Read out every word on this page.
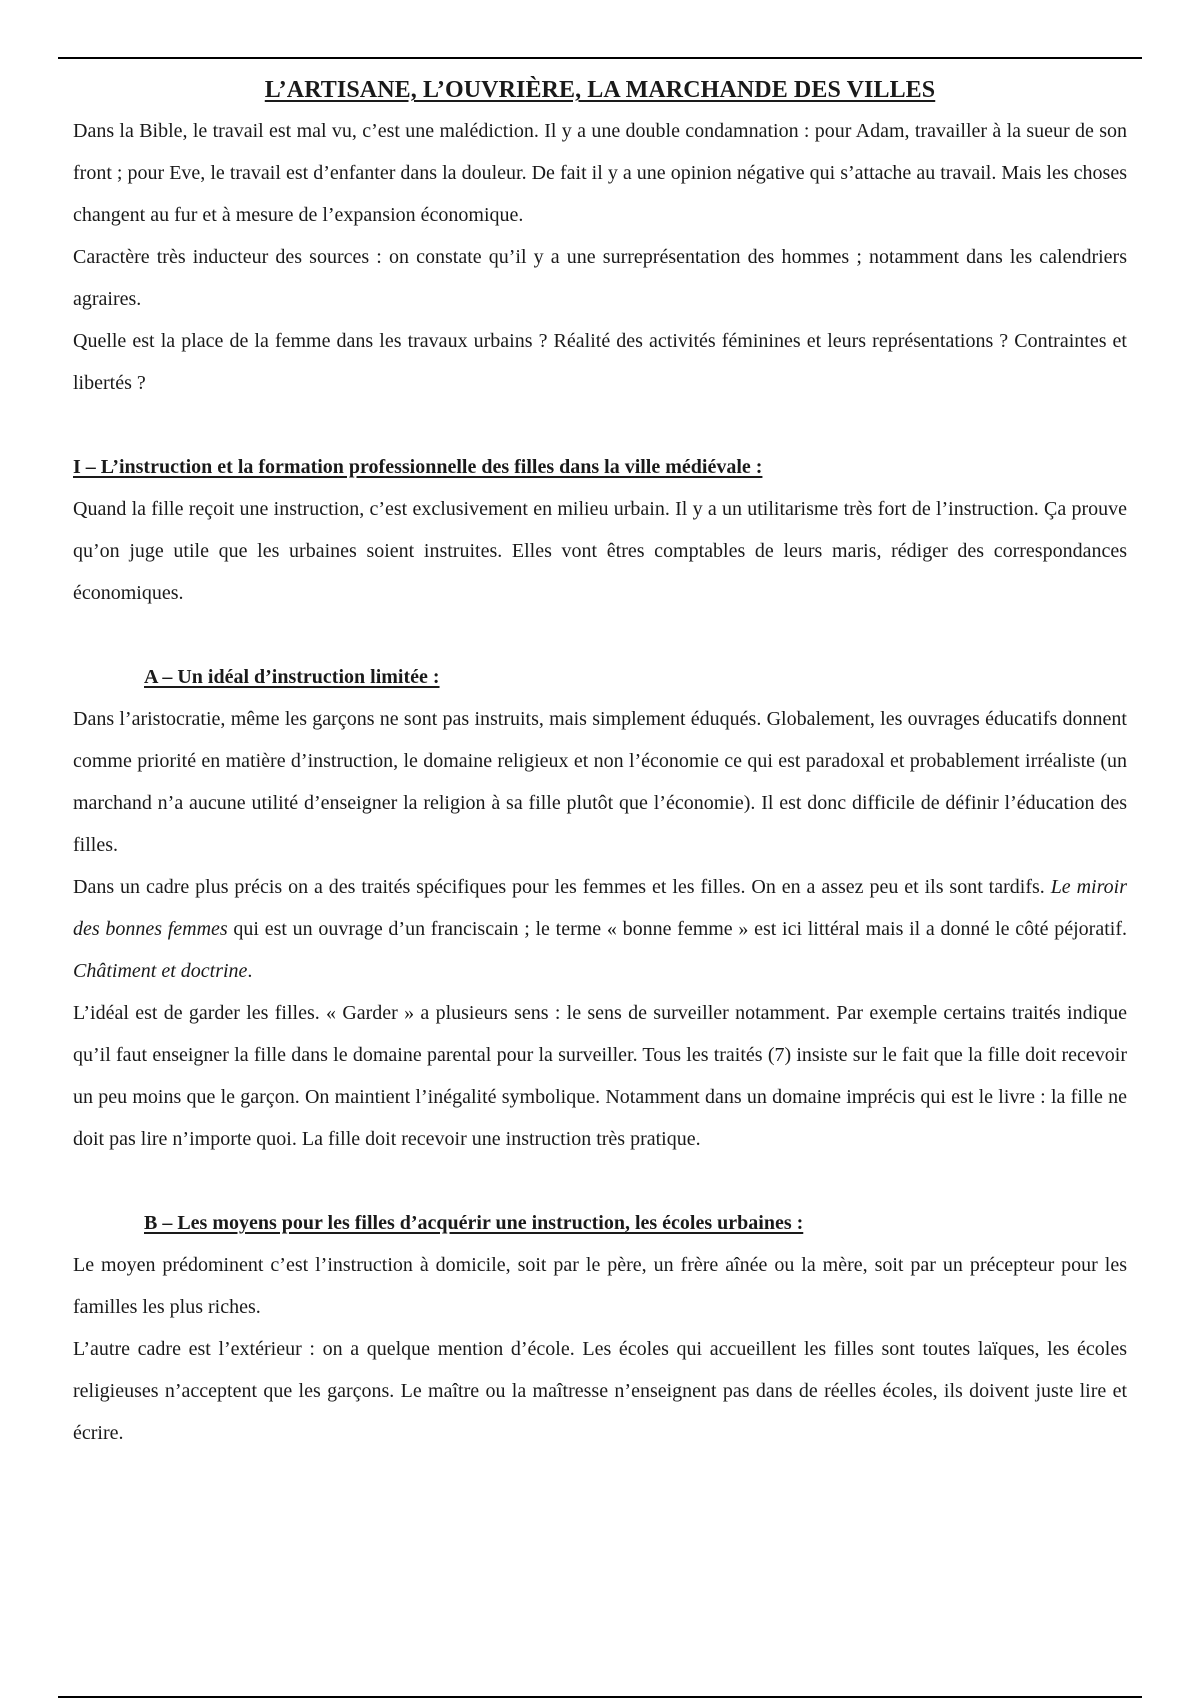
L’ARTISANE, L’OUVRIÈRE, LA MARCHANDE DES VILLES

Dans la Bible, le travail est mal vu, c’est une malédiction. Il y a une double condamnation : pour Adam, travailler à la sueur de son front ; pour Eve, le travail est d’enfanter dans la douleur. De fait il y a une opinion négative qui s’attache au travail. Mais les choses changent au fur et à mesure de l’expansion économique.

Caractère très inducteur des sources : on constate qu’il y a une surreprésentation des hommes ; notamment dans les calendriers agraires.

Quelle est la place de la femme dans les travaux urbains ? Réalité des activités féminines et leurs représentations ? Contraintes et libertés ?

I – L’instruction et la formation professionnelle des filles dans la ville médiévale :

Quand la fille reçoit une instruction, c’est exclusivement en milieu urbain. Il y a un utilitarisme très fort de l’instruction. Ça prouve qu’on juge utile que les urbaines soient instruites. Elles vont êtres comptables de leurs maris, rédiger des correspondances économiques.

A – Un idéal d’instruction limitée :

Dans l’aristocratie, même les garçons ne sont pas instruits, mais simplement éduqués. Globalement, les ouvrages éducatifs donnent comme priorité en matière d’instruction, le domaine religieux et non l’économie ce qui est paradoxal et probablement irréaliste (un marchand n’a aucune utilité d’enseigner la religion à sa fille plutôt que l’économie). Il est donc difficile de définir l’éducation des filles.

Dans un cadre plus précis on a des traités spécifiques pour les femmes et les filles. On en a assez peu et ils sont tardifs. Le miroir des bonnes femmes qui est un ouvrage d’un franciscain ; le terme « bonne femme » est ici littéral mais il a donné le côté péjoratif. Châtiment et doctrine.

L’idéal est de garder les filles. « Garder » a plusieurs sens : le sens de surveiller notamment. Par exemple certains traités indique qu’il faut enseigner la fille dans le domaine parental pour la surveiller. Tous les traités (7) insiste sur le fait que la fille doit recevoir un peu moins que le garçon. On maintient l’inégalité symbolique. Notamment dans un domaine imprécis qui est le livre : la fille ne doit pas lire n’importe quoi. La fille doit recevoir une instruction très pratique.

B – Les moyens pour les filles d’acquérir une instruction, les écoles urbaines :

Le moyen prédominent c’est l’instruction à domicile, soit par le père, un frère aînée ou la mère, soit par un précepteur pour les familles les plus riches.

L’autre cadre est l’extérieur : on a quelque mention d’école. Les écoles qui accueillent les filles sont toutes laïques, les écoles religieuses n’acceptent que les garçons. Le maître ou la maîtresse n’enseignent pas dans de réelles écoles, ils doivent juste lire et écrire.
